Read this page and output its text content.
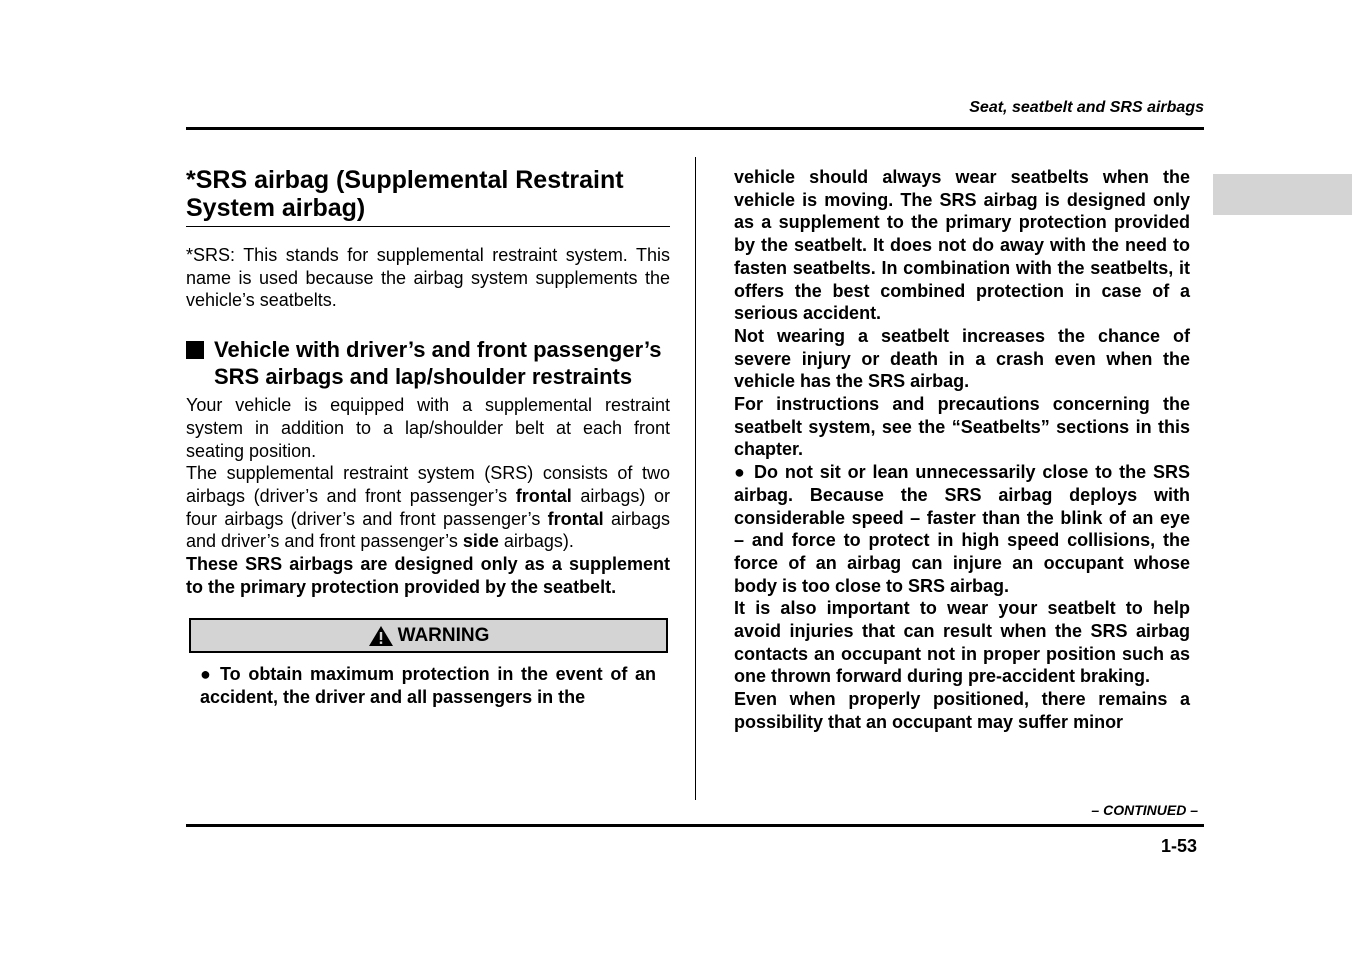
Seat, seatbelt and SRS airbags
*SRS airbag (Supplemental Restraint System airbag)

*SRS: This stands for supplemental restraint system. This name is used because the airbag system supplements the vehicle’s seatbelts.

Vehicle with driver’s and front passenger’s SRS airbags and lap/shoulder restraints

Your vehicle is equipped with a supplemental restraint system in addition to a lap/shoulder belt at each front seating position.

The supplemental restraint system (SRS) consists of two airbags (driver’s and front passenger’s frontal airbags) or four airbags (driver’s and front passenger’s frontal airbags and driver’s and front passenger’s side airbags).

These SRS airbags are designed only as a supplement to the primary protection provided by the seatbelt.

WARNING

● To obtain maximum protection in the event of an accident, the driver and all passengers in the

vehicle should always wear seatbelts when the vehicle is moving. The SRS airbag is designed only as a supplement to the primary protection provided by the seatbelt. It does not do away with the need to fasten seatbelts. In combination with the seatbelts, it offers the best combined protection in case of a serious accident.

Not wearing a seatbelt increases the chance of severe injury or death in a crash even when the vehicle has the SRS airbag.

For instructions and precautions concerning the seatbelt system, see the “Seatbelts” sections in this chapter.

● Do not sit or lean unnecessarily close to the SRS airbag. Because the SRS airbag deploys with considerable speed – faster than the blink of an eye – and force to protect in high speed collisions, the force of an airbag can injure an occupant whose body is too close to SRS airbag.

It is also important to wear your seatbelt to help avoid injuries that can result when the SRS airbag contacts an occupant not in proper position such as one thrown forward during pre-accident braking.

Even when properly positioned, there remains a possibility that an occupant may suffer minor

– CONTINUED –
1-53
